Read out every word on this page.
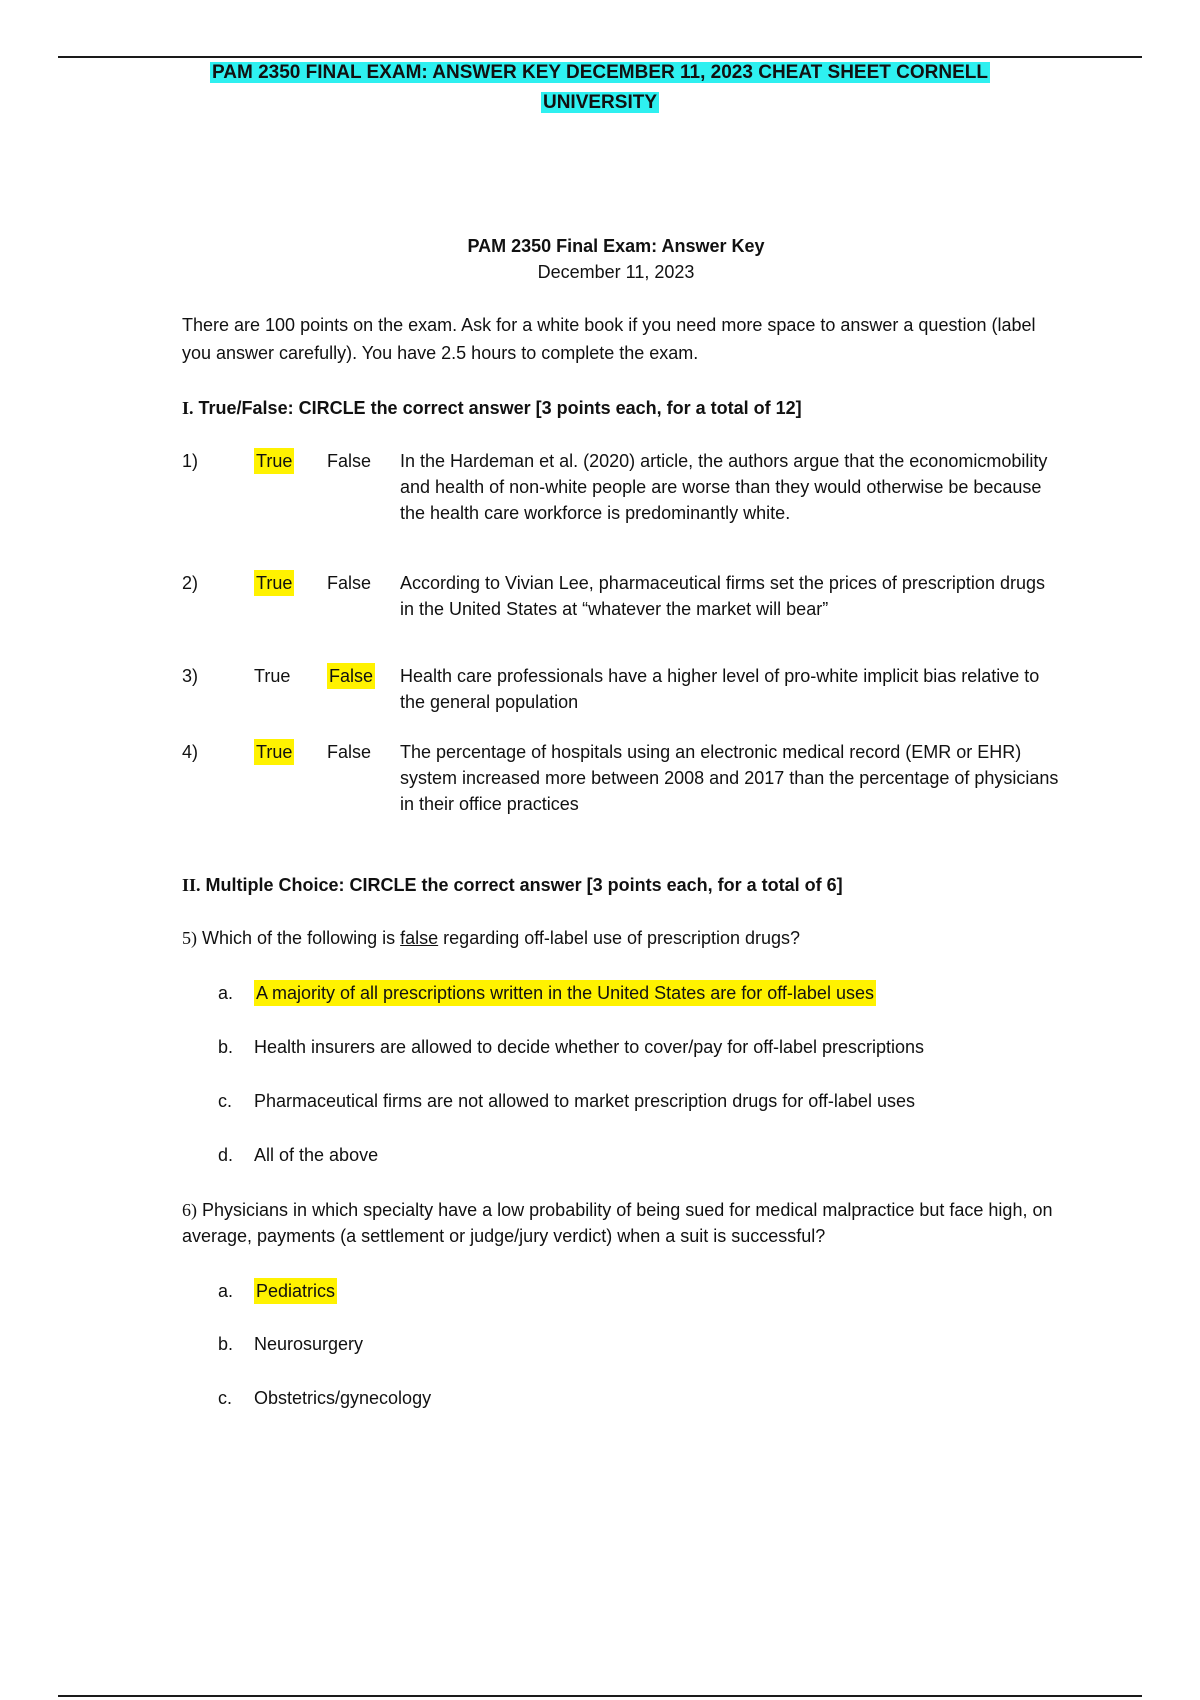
PAM 2350 FINAL EXAM: ANSWER KEY DECEMBER 11, 2023 CHEAT SHEET CORNELL
UNIVERSITY
PAM 2350 Final Exam: Answer Key
December 11, 2023
There are 100 points on the exam. Ask for a white book if you need more space to answer a question (label you answer carefully). You have 2.5 hours to complete the exam.
I. True/False: CIRCLE the correct answer [3 points each, for a total of 12]
1)	True False In the Hardeman et al. (2020) article, the authors argue that the economicmobility and health of non-white people are worse than they would otherwise be because the health care workforce is predominantly white.
2)	True False According to Vivian Lee, pharmaceutical firms set the prices of prescription drugs in the United States at “whatever the market will bear”
3)	True False Health care professionals have a higher level of pro-white implicit bias relative to the general population
4)	True False The percentage of hospitals using an electronic medical record (EMR or EHR) system increased more between 2008 and 2017 than the percentage of physicians in their office practices
II. Multiple Choice: CIRCLE the correct answer [3 points each, for a total of 6]
5) Which of the following is false regarding off-label use of prescription drugs?
a.	A majority of all prescriptions written in the United States are for off-label uses
b.	Health insurers are allowed to decide whether to cover/pay for off-label prescriptions
c.	Pharmaceutical firms are not allowed to market prescription drugs for off-label uses
d.	All of the above
6) Physicians in which specialty have a low probability of being sued for medical malpractice but face high, on average, payments (a settlement or judge/jury verdict) when a suit is successful?
a.	Pediatrics
b.	Neurosurgery
c.	Obstetrics/gynecology
